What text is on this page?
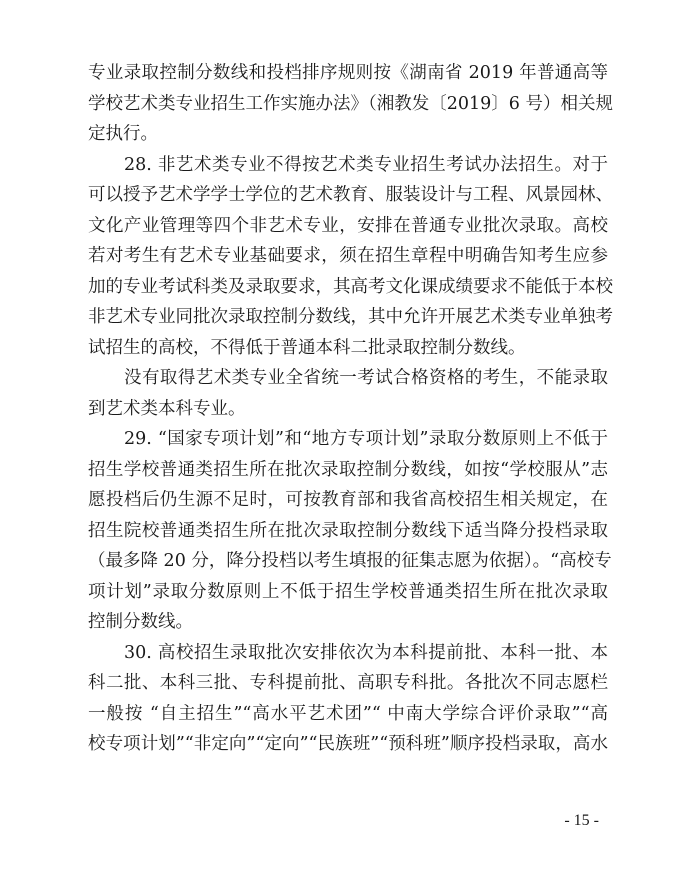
专业录取控制分数线和投档排序规则按《湖南省 2019 年普通高等
学校艺术类专业招生工作实施办法》（湘教发〔2019〕6 号）相关规
定执行。
28. 非艺术类专业不得按艺术类专业招生考试办法招生。对于
可以授予艺术学学士学位的艺术教育、服装设计与工程、风景园林、
文化产业管理等四个非艺术专业，安排在普通专业批次录取。高校
若对考生有艺术专业基础要求，须在招生章程中明确告知考生应参
加的专业考试科类及录取要求，其高考文化课成绩要求不能低于本校
非艺术专业同批次录取控制分数线，其中允许开展艺术类专业单独考
试招生的高校，不得低于普通本科二批录取控制分数线。
没有取得艺术类专业全省统一考试合格资格的考生，不能录取
到艺术类本科专业。
29. “国家专项计划”和“地方专项计划”录取分数原则上不低于
招生学校普通类招生所在批次录取控制分数线，如按“学校服从”志
愿投档后仍生源不足时，可按教育部和我省高校招生相关规定，在
招生院校普通类招生所在批次录取控制分数线下适当降分投档录取
（最多降 20 分，降分投档以考生填报的征集志愿为依据）。“高校专
项计划”录取分数原则上不低于招生学校普通类招生所在批次录取
控制分数线。
30. 高校招生录取批次安排依次为本科提前批、本科一批、本
科二批、本科三批、专科提前批、高职专科批。各批次不同志愿栏
一般按 “自主招生”“高水平艺术团”“ 中南大学综合评价录取”“高
校专项计划”“非定向”“定向”“民族班”“预科班”顺序投档录取，高水
- 15 -
